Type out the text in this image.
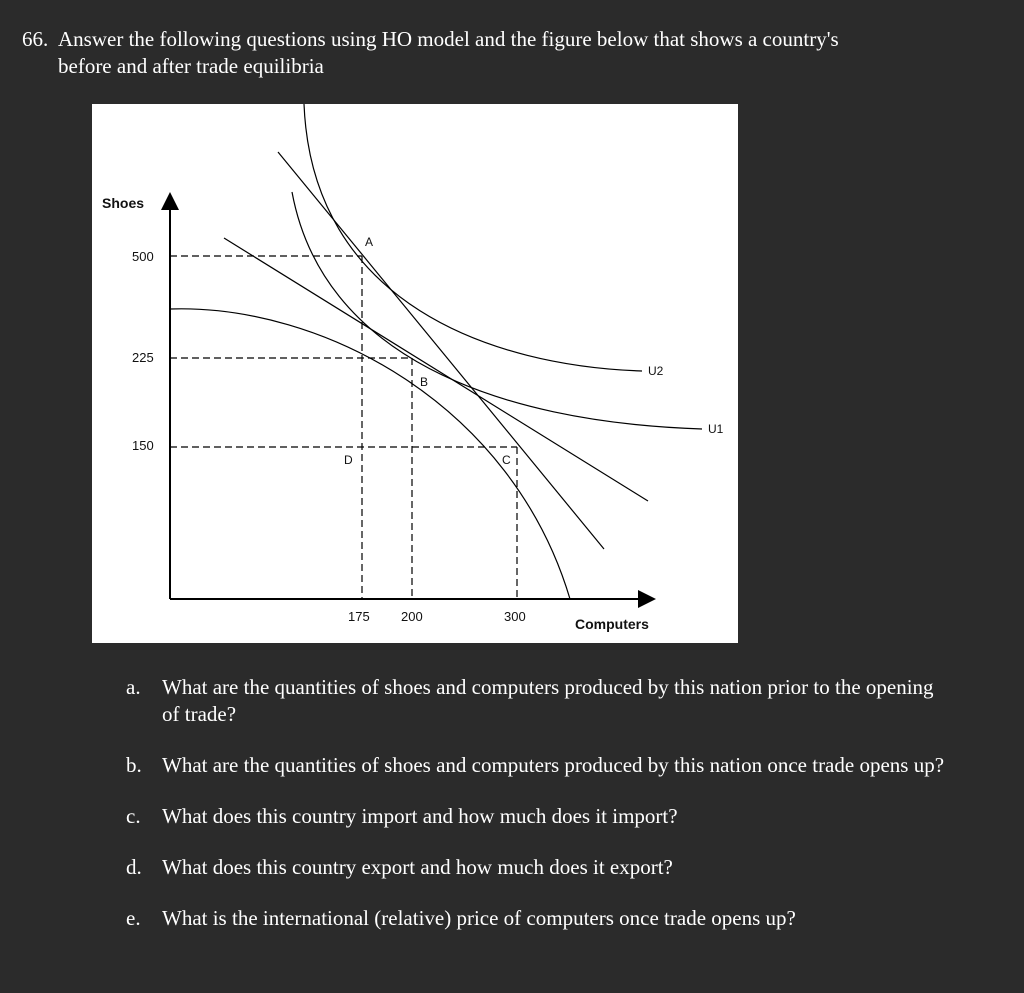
66. Answer the following questions using HO model and the figure below that shows a country's
before and after trade equilibria
Shoes
500
225
150
175 200	300	Computers
A
B
C
D
U2
U1
a.	What are the quantities of shoes and computers produced by this nation prior to the opening of trade?
b. What are the quantities of shoes and computers produced by this nation once trade opens up?
c.	What does this country import and how much does it import?
d. What does this country export and how much does it export?
e.	What is the international (relative) price of computers once trade opens up?
